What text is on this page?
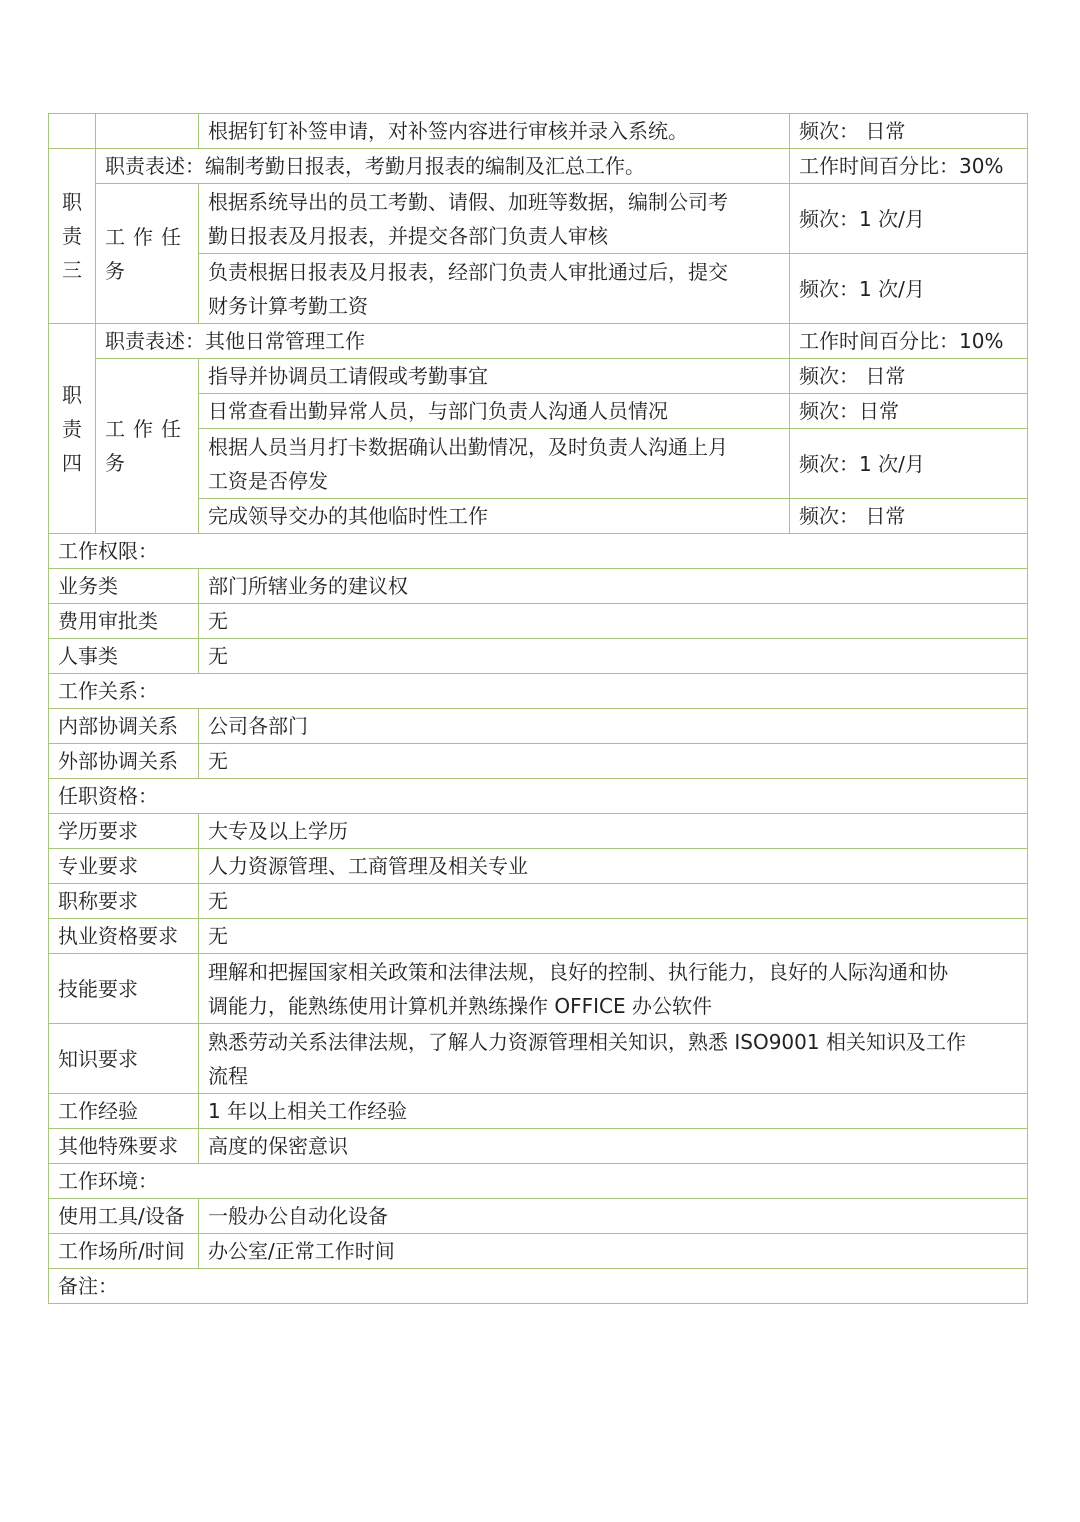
		根据钉钉补签申请，对补签内容进行审核并录入系统。	频次： 日常

职
责
三	职责表述：编制考勤日报表，考勤月报表的编制及汇总工作。		工作时间百分比：30%

	工作任
务	根据系统导出的员工考勤、请假、加班等数据，编制公司考
勤日报表及月报表，并提交各部门负责人审核	频次：1 次/月

		负责根据日报表及月报表，经部门负责人审批通过后，提交
财务计算考勤工资	频次：1 次/月

职
责
四	职责表述：其他日常管理工作		工作时间百分比：10%

	工作任
务	指导并协调员工请假或考勤事宜	频次： 日常
		日常查看出勤异常人员，与部门负责人沟通人员情况	频次：日常

		根据人员当月打卡数据确认出勤情况，及时负责人沟通上月
工资是否停发	频次：1 次/月
		完成领导交办的其他临时性工作	频次： 日常
工作权限：			
业务类		部门所辖业务的建议权	
费用审批类		无	
人事类		无	
工作关系：			
内部协调关系		公司各部门	
外部协调关系		无	
任职资格：			
学历要求		大专及以上学历	
专业要求		人力资源管理、工商管理及相关专业	
职称要求		无	
执业资格要求		无	
技能要求		理解和把握国家相关政策和法律法规，良好的控制、执行能力，良好的人际沟通和协
调能力，能熟练使用计算机并熟练操作 OFFICE 办公软件	

知识要求		熟悉劳动关系法律法规，了解人力资源管理相关知识，熟悉 ISO9001 相关知识及工作
流程	

工作经验		1 年以上相关工作经验	
其他特殊要求		高度的保密意识	
工作环境：			
使用工具/设备		一般办公自动化设备	
工作场所/时间		办公室/正常工作时间	
备注：			
